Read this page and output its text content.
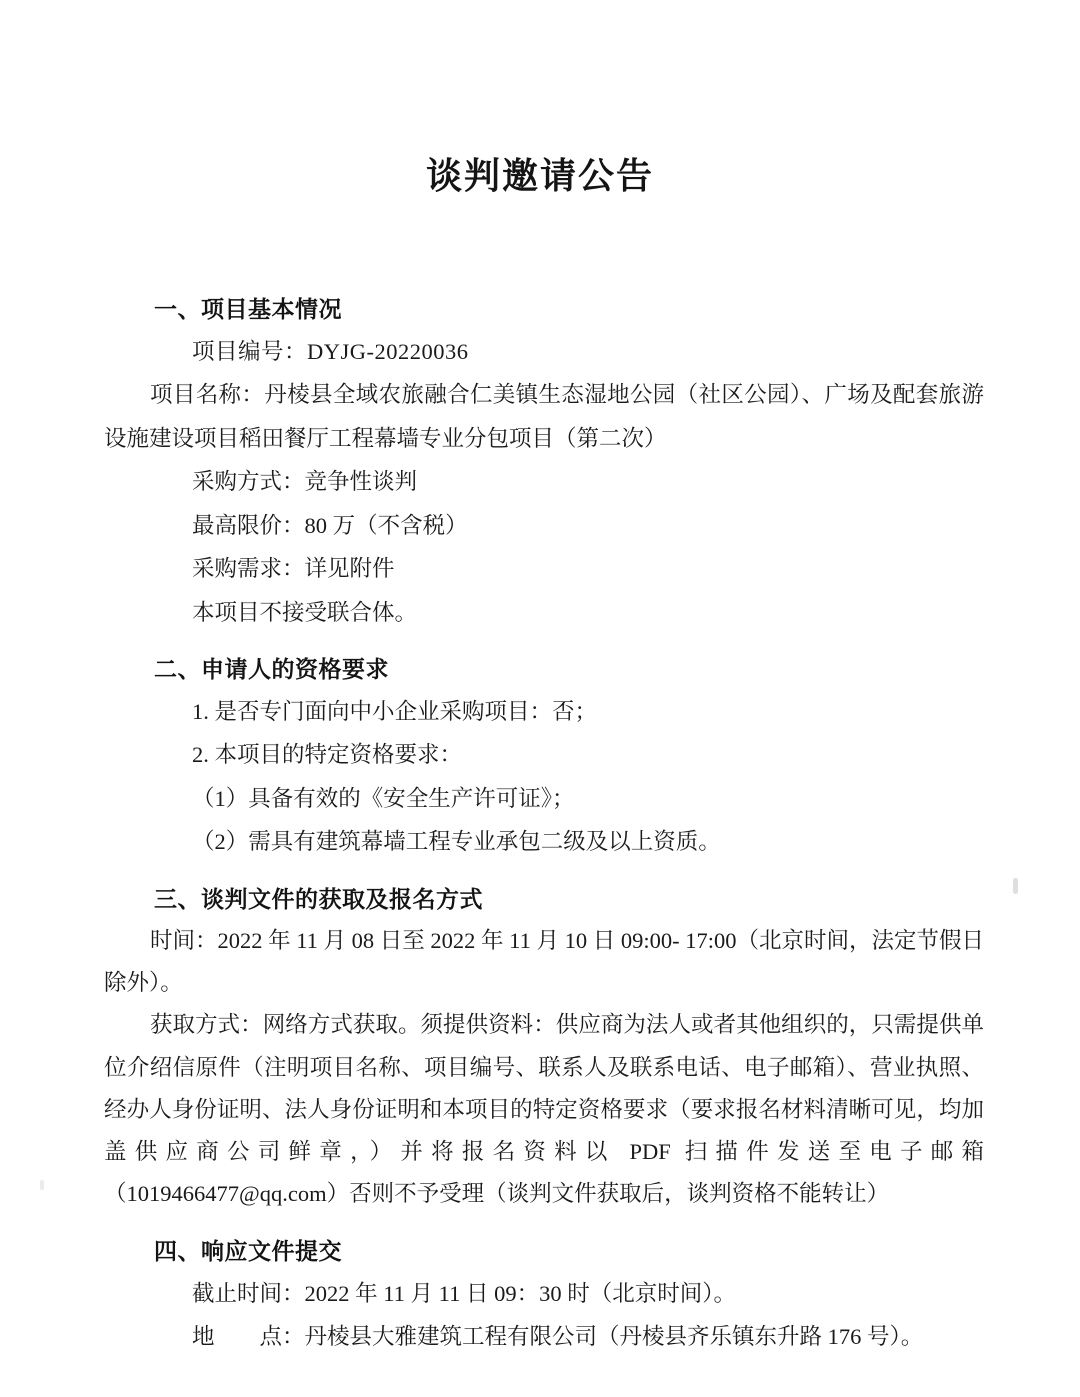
谈判邀请公告
一、项目基本情况

项目编号：DYJG-20220036

项目名称：丹棱县全域农旅融合仁美镇生态湿地公园（社区公园）、广场及配套旅游设施建设项目稻田餐厅工程幕墙专业分包项目（第二次）

采购方式：竞争性谈判

最高限价：80 万（不含税）

采购需求：详见附件

本项目不接受联合体。

二、申请人的资格要求

1. 是否专门面向中小企业采购项目：否；

2. 本项目的特定资格要求：

（1）具备有效的《安全生产许可证》；

（2）需具有建筑幕墙工程专业承包二级及以上资质。

三、谈判文件的获取及报名方式

时间：2022 年 11 月 08 日至 2022 年 11 月 10 日 09:00- 17:00（北京时间，法定节假日除外）。

获取方式：网络方式获取。须提供资料：供应商为法人或者其他组织的，只需提供单位介绍信原件（注明项目名称、项目编号、联系人及联系电话、电子邮箱）、营业执照、经办人身份证明、法人身份证明和本项目的特定资格要求（要求报名材料清晰可见，均加盖供应商公司鲜章，）并将报名资料以 PDF 扫描件发送至电子邮箱（1019466477@qq.com）否则不予受理（谈判文件获取后，谈判资格不能转让）

四、响应文件提交

截止时间：2022 年 11 月 11 日 09：30 时（北京时间）。

地　　点：丹棱县大雅建筑工程有限公司（丹棱县齐乐镇东升路 176 号）。
